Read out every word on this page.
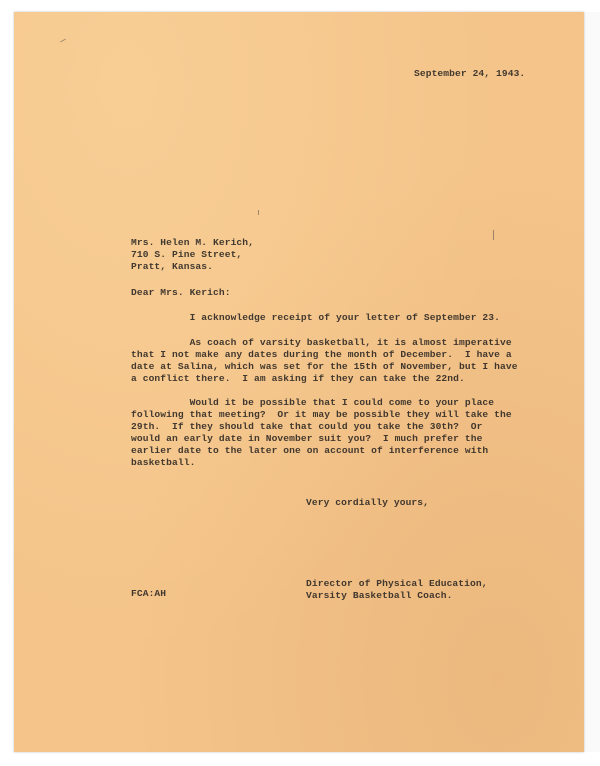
September 24, 1943.
Mrs. Helen M. Kerich,
710 S. Pine Street,
Pratt, Kansas.
Dear Mrs. Kerich:
I acknowledge receipt of your letter of September 23.
As coach of varsity basketball, it is almost imperative
that I not make any dates during the month of December.  I have a
date at Salina, which was set for the 15th of November, but I have
a conflict there.  I am asking if they can take the 22nd.
Would it be possible that I could come to your place
following that meeting?  Or it may be possible they will take the
29th.  If they should take that could you take the 30th?  Or
would an early date in November suit you?  I much prefer the
earlier date to the later one on account of interference with
basketball.
Very cordially yours,
Director of Physical Education,
Varsity Basketball Coach.
FCA:AH
